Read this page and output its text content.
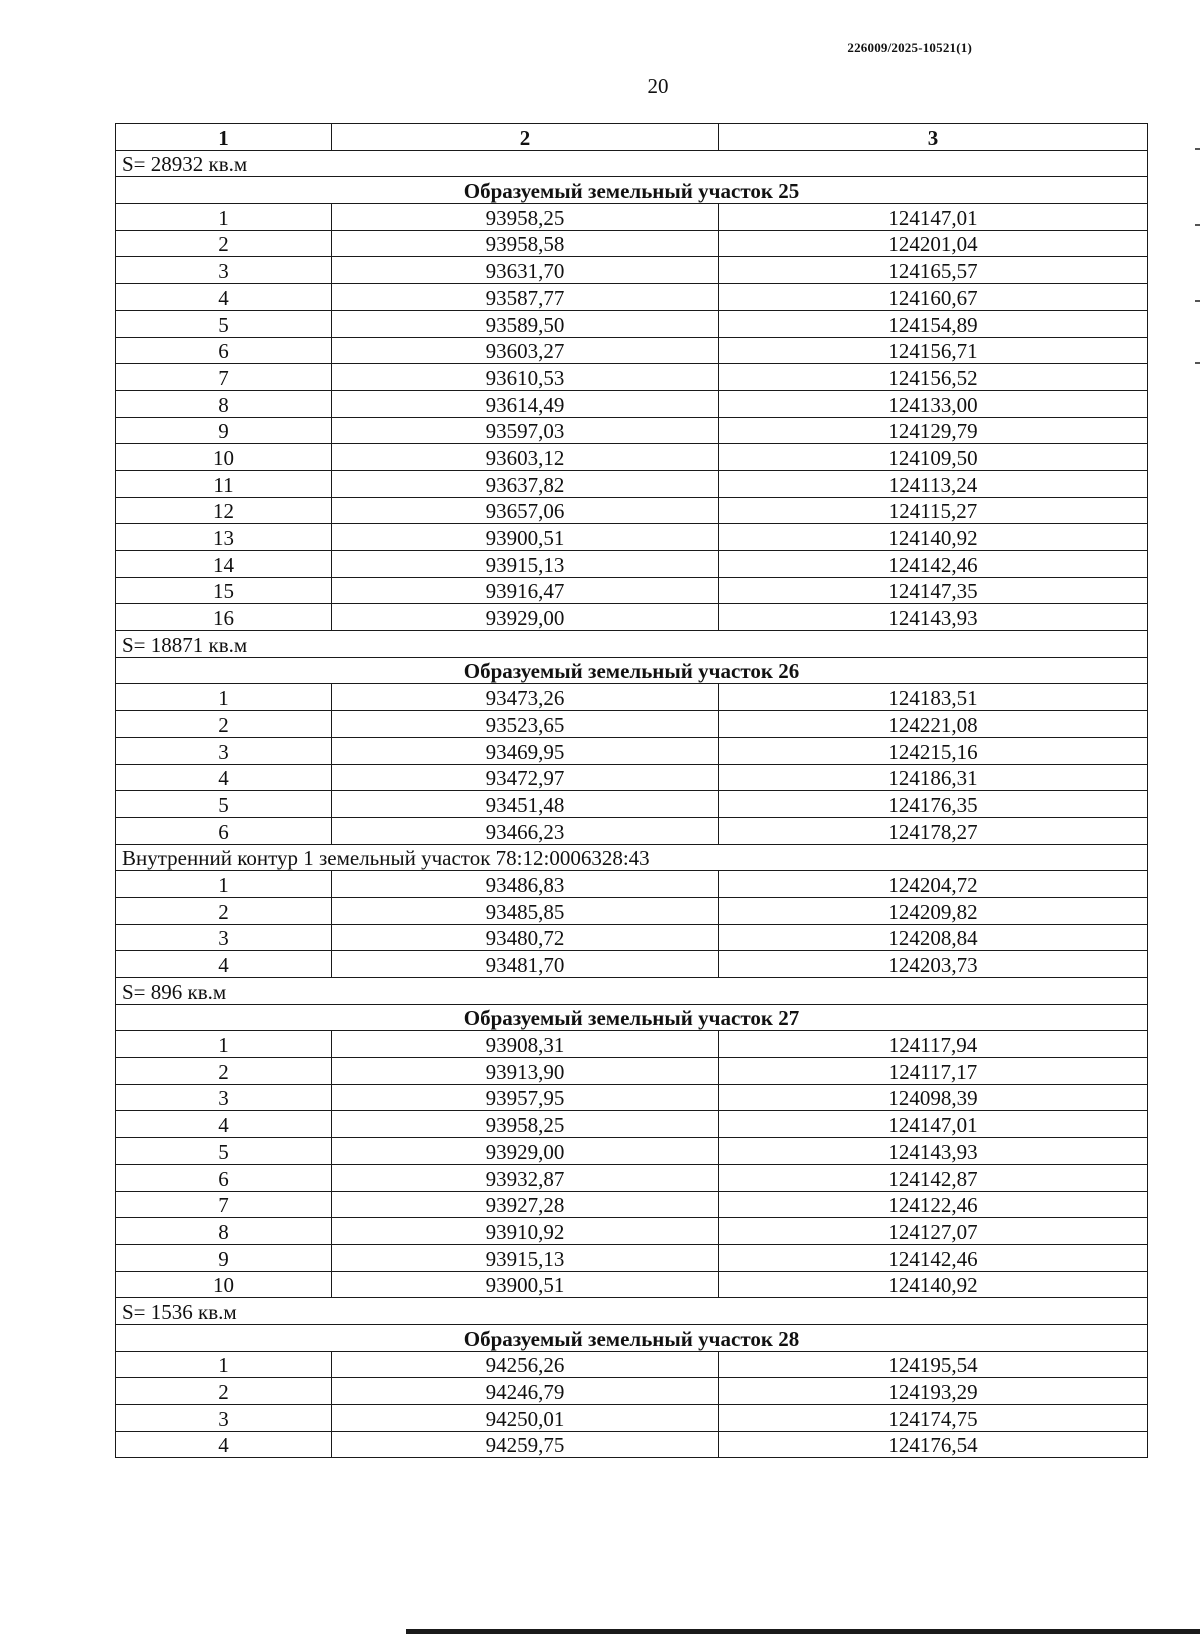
226009/2025-10521(1)
20
1	2	3
S= 28932 кв.м		
Образуемый земельный участок 25		
1	93958,25	124147,01
2	93958,58	124201,04
3	93631,70	124165,57
4	93587,77	124160,67
5	93589,50	124154,89
6	93603,27	124156,71
7	93610,53	124156,52
8	93614,49	124133,00
9	93597,03	124129,79
10	93603,12	124109,50
11	93637,82	124113,24
12	93657,06	124115,27
13	93900,51	124140,92
14	93915,13	124142,46
15	93916,47	124147,35
16	93929,00	124143,93
S= 18871 кв.м		
Образуемый земельный участок 26		
1	93473,26	124183,51
2	93523,65	124221,08
3	93469,95	124215,16
4	93472,97	124186,31
5	93451,48	124176,35
6	93466,23	124178,27
Внутренний контур 1 земельный участок 78:12:0006328:43		
1	93486,83	124204,72
2	93485,85	124209,82
3	93480,72	124208,84
4	93481,70	124203,73
S= 896 кв.м		
Образуемый земельный участок 27		
1	93908,31	124117,94
2	93913,90	124117,17
3	93957,95	124098,39
4	93958,25	124147,01
5	93929,00	124143,93
6	93932,87	124142,87
7	93927,28	124122,46
8	93910,92	124127,07
9	93915,13	124142,46
10	93900,51	124140,92
S= 1536 кв.м		
Образуемый земельный участок 28		
1	94256,26	124195,54
2	94246,79	124193,29
3	94250,01	124174,75
4	94259,75	124176,54
